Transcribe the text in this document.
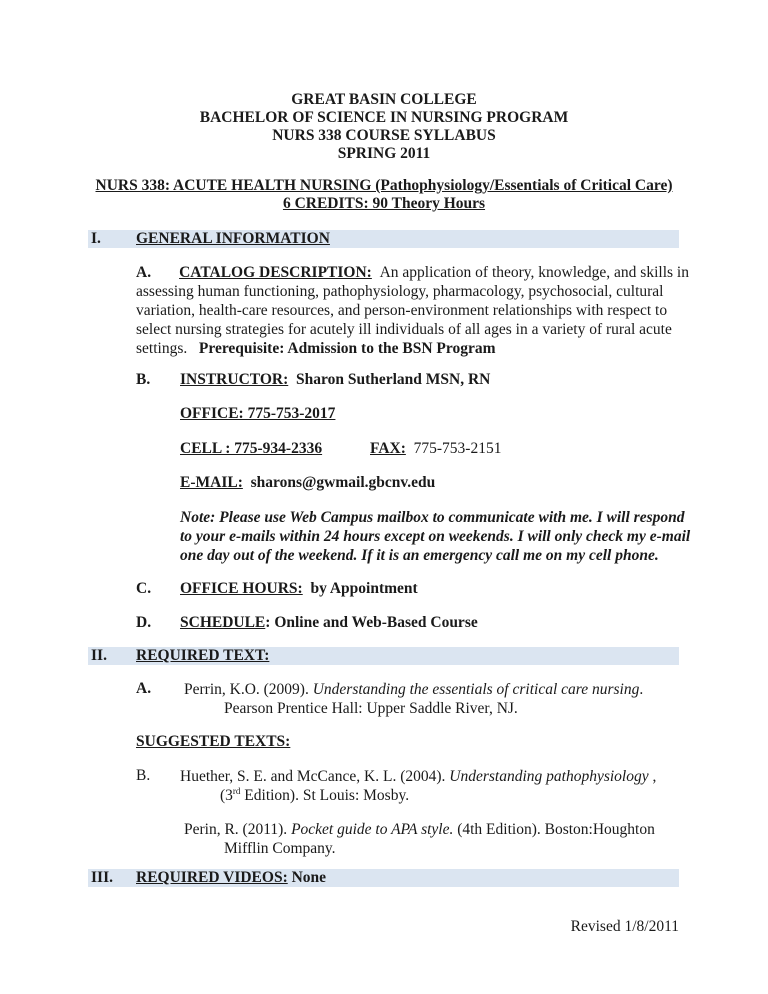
GREAT BASIN COLLEGE
BACHELOR OF SCIENCE IN NURSING PROGRAM
NURS 338 COURSE SYLLABUS
SPRING 2011
NURS 338: ACUTE HEALTH NURSING (Pathophysiology/Essentials of Critical Care)
6 CREDITS: 90 Theory Hours
I. GENERAL INFORMATION
A. CATALOG DESCRIPTION: An application of theory, knowledge, and skills in
assessing human functioning, pathophysiology, pharmacology, psychosocial, cultural
variation, health-care resources, and person-environment relationships with respect to
select nursing strategies for acutely ill individuals of all ages in a variety of rural acute
settings. Prerequisite: Admission to the BSN Program
B. INSTRUCTOR: Sharon Sutherland MSN, RN
OFFICE: 775-753-2017
CELL : 775-934-2336	FAX: 775-753-2151
E-MAIL: sharons@gwmail.gbcnv.edu
Note: Please use Web Campus mailbox to communicate with me. I will respond
to your e-mails within 24 hours except on weekends. I will only check my e-mail
one day out of the weekend. If it is an emergency call me on my cell phone.
C. OFFICE HOURS: by Appointment
D. SCHEDULE: Online and Web-Based Course
II. REQUIRED TEXT:
A. Perrin, K.O. (2009). Understanding the essentials of critical care nursing.
Pearson Prentice Hall: Upper Saddle River, NJ.
SUGGESTED TEXTS:
B. Huether, S. E. and McCance, K. L. (2004). Understanding pathophysiology ,
(3rd Edition). St Louis: Mosby.
Perin, R. (2011). Pocket guide to APA style. (4th Edition). Boston:Houghton
Mifflin Company.
III. REQUIRED VIDEOS: None
Revised 1/8/2011
